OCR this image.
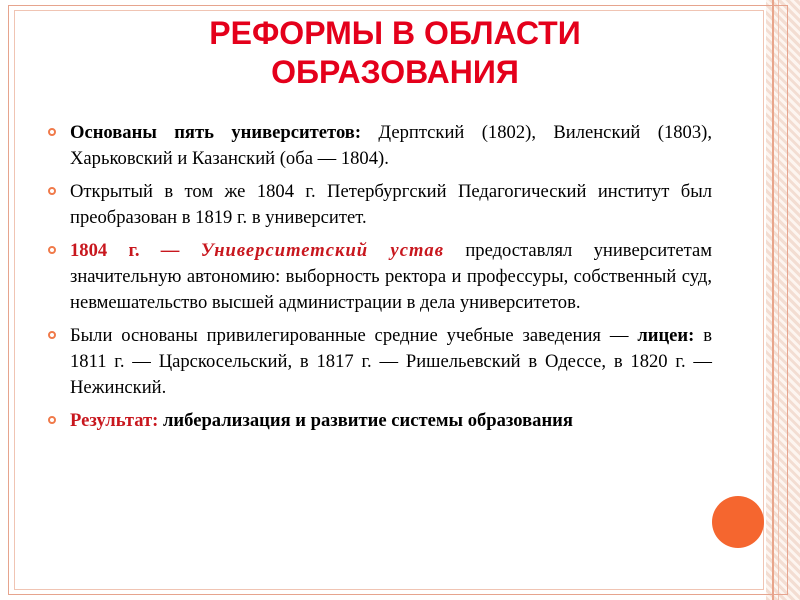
РЕФОРМЫ В ОБЛАСТИ ОБРАЗОВАНИЯ
Основаны пять университетов: Дерптский (1802), Виленский (1803), Харьковский и Казанский (оба — 1804).
Открытый в том же 1804 г. Петербургский Педагогический институт был преобразован в 1819 г. в университет.
1804 г. — Университетский устав предоставлял университетам значительную автономию: выборность ректора и профессуры, собственный суд, невмешательство высшей администрации в дела университетов.
Были основаны привилегированные средние учебные заведения — лицеи: в 1811 г. — Царскосельский, в 1817 г. — Ришельевский в Одессе, в 1820 г. — Нежинский.
Результат: либерализация и развитие системы образования
